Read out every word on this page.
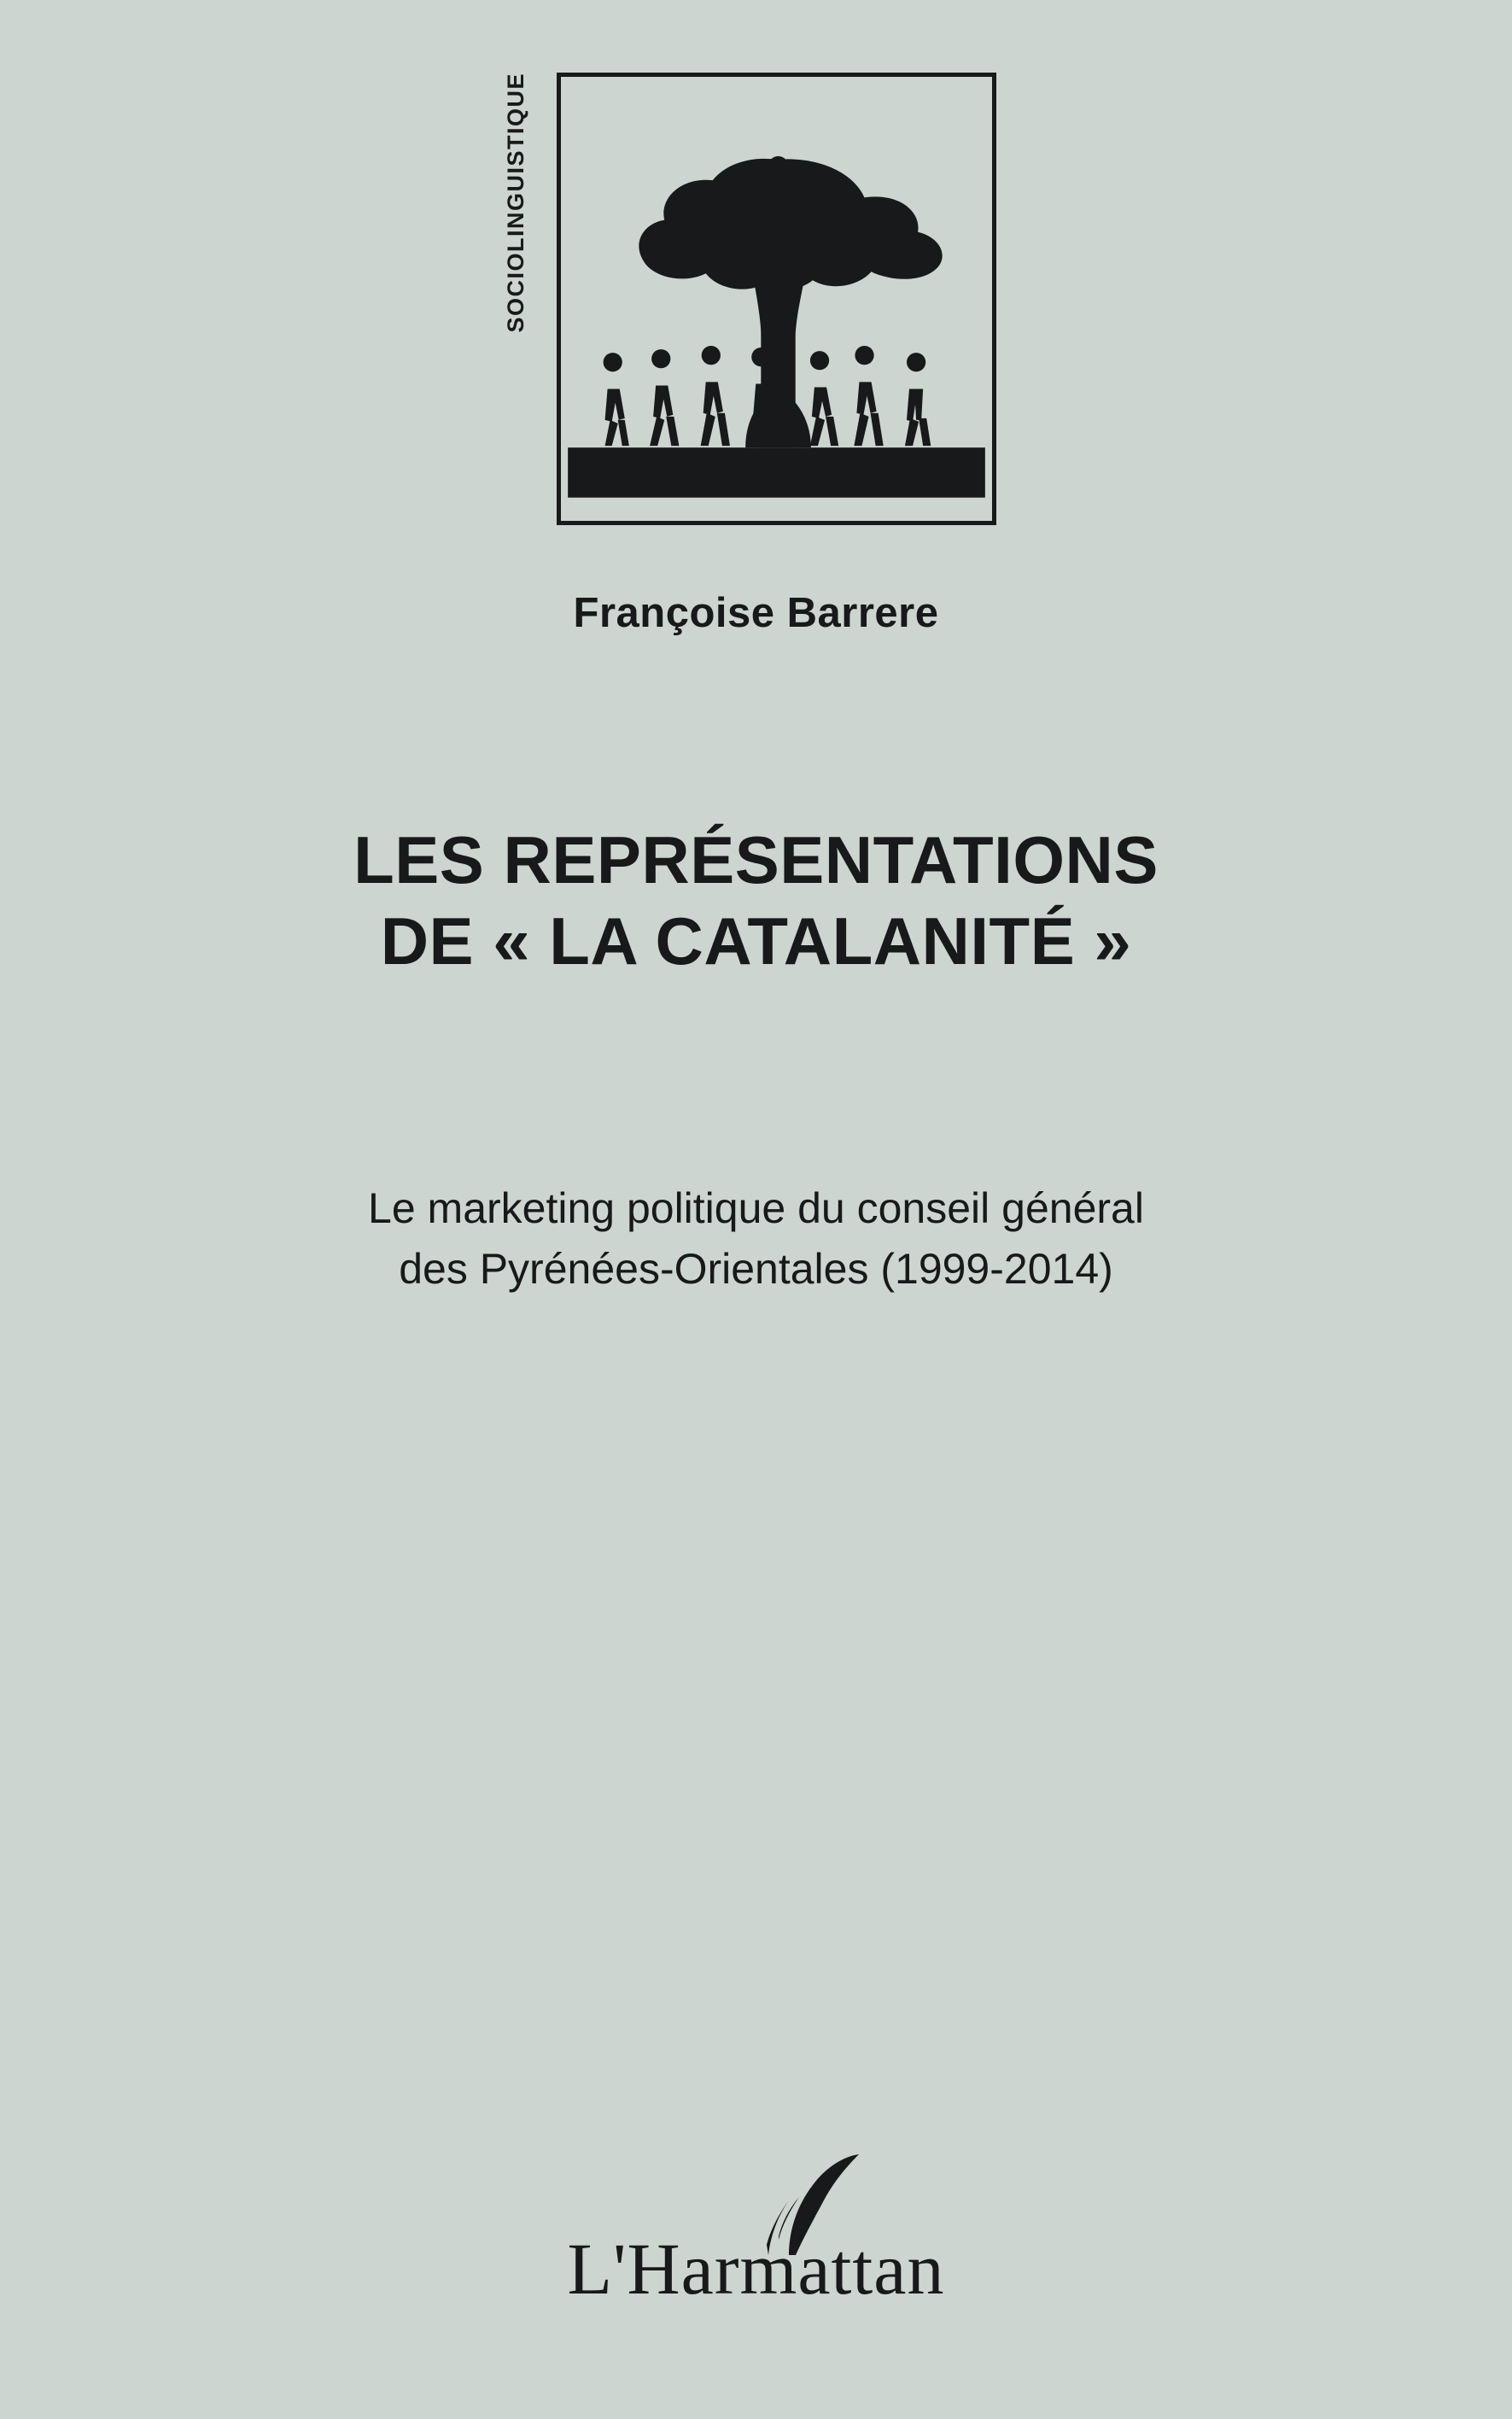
SOCIOLINGUISTIQUE
Françoise Barrere
LES REPRÉSENTATIONS
DE « LA CATALANITÉ »
Le marketing politique du conseil général
des Pyrénées-Orientales (1999-2014)
L'Harmattan
